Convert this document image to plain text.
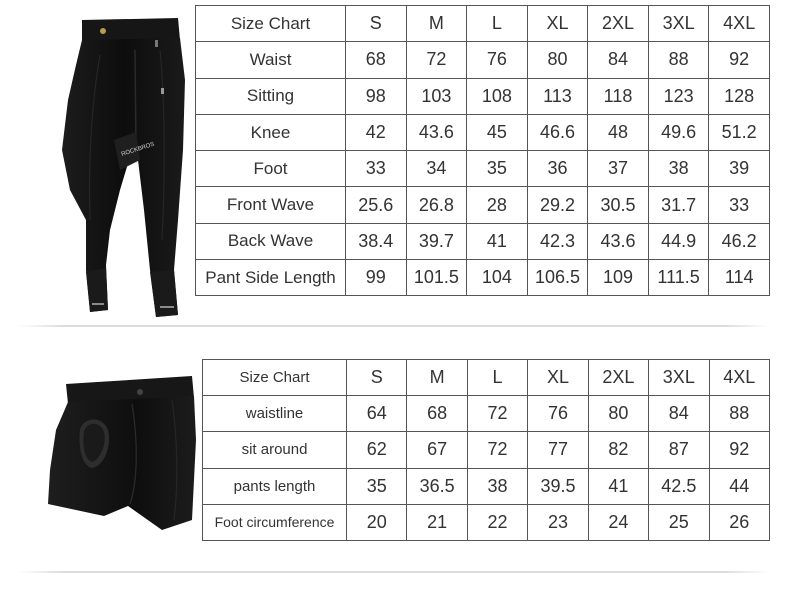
ROCKBROS
Size Chart	S	M	L	XL	2XL	3XL	4XL
Waist	68	72	76	80	84	88	92
Sitting	98	103	108	113	118	123	128
Knee	42	43.6	45	46.6	48	49.6	51.2
Foot	33	34	35	36	37	38	39
Front Wave	25.6	26.8	28	29.2	30.5	31.7	33
Back Wave	38.4	39.7	41	42.3	43.6	44.9	46.2
Pant Side Length	99	101.5	104	106.5	109	111.5	114
Size Chart	S	M	L	XL	2XL	3XL	4XL
waistline	64	68	72	76	80	84	88
sit around	62	67	72	77	82	87	92
pants length	35	36.5	38	39.5	41	42.5	44
Foot circumference	20	21	22	23	24	25	26
